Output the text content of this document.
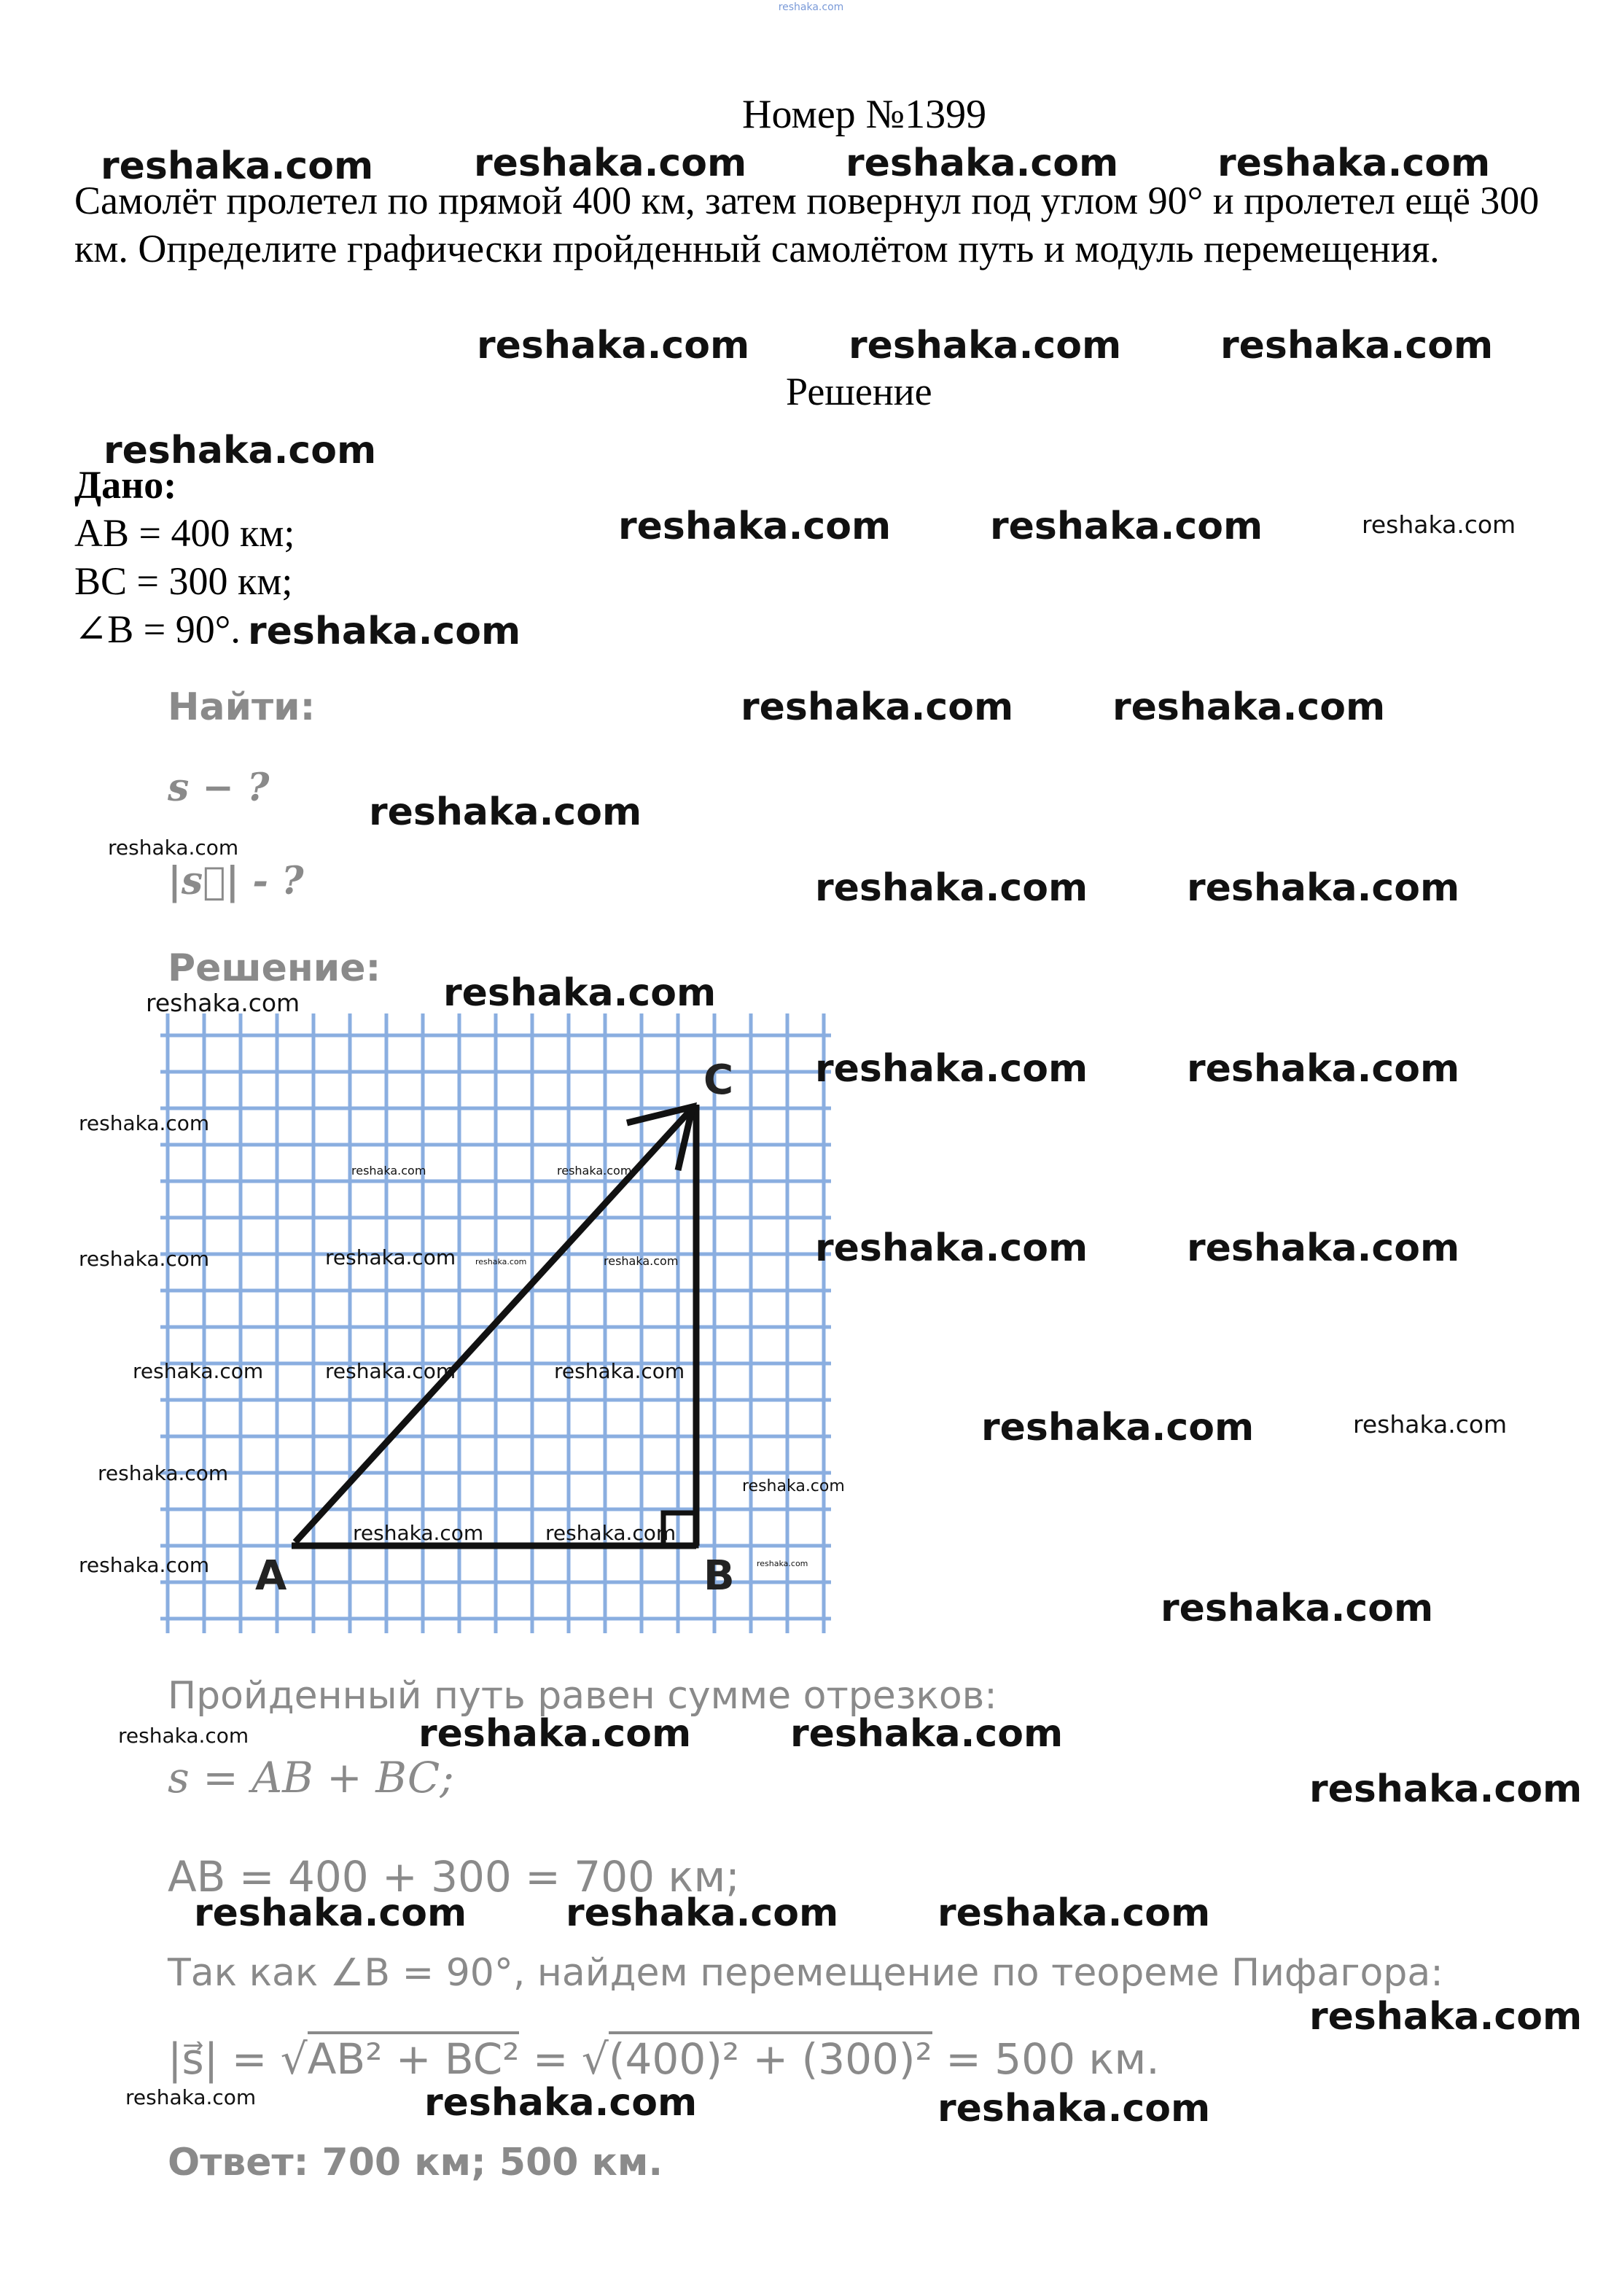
reshaka.com
Номер №1399
Самолёт пролетел по прямой 400 км, затем повернул под углом 90° и пролетел ещё 300 км. Определите графически пройденный самолётом путь и модуль перемещения.
Решение
Дано:
AB = 400 км;
BC = 300 км;
∠B = 90°.
Найти:
s − ?
|s⃗| - ?
Решение:
A	B
C
Пройденный путь равен сумме отрезков:
s = AB + BC;
AB = 400 + 300 = 700 км;
Так как ∠B = 90°, найдем перемещение по теореме Пифагора:
|s⃗| = √AB² + BC² = √(400)² + (300)² = 500 км.
Ответ: 700 км; 500 км.
reshaka.com	reshaka.com	reshaka.com	reshaka.com
reshaka.com	reshaka.com	reshaka.com
reshaka.com
reshaka.com	reshaka.com	reshaka.com
reshaka.com
reshaka.com	reshaka.com
reshaka.com
reshaka.com
reshaka.com	reshaka.com
reshaka.com
reshaka.com
reshaka.com	reshaka.com
reshaka.com
reshaka.com	reshaka.com
reshaka.com	reshaka.com
reshaka.com	reshaka.com reshaka.com	reshaka.com
reshaka.com	reshaka.com	reshaka.com
reshaka.com	reshaka.com
reshaka.com
reshaka.com
reshaka.com	reshaka.com
reshaka.com	reshaka.com
reshaka.com
reshaka.com	reshaka.com
reshaka.com
reshaka.com
reshaka.com	reshaka.com	reshaka.com
reshaka.com
reshaka.com	reshaka.com	reshaka.com
